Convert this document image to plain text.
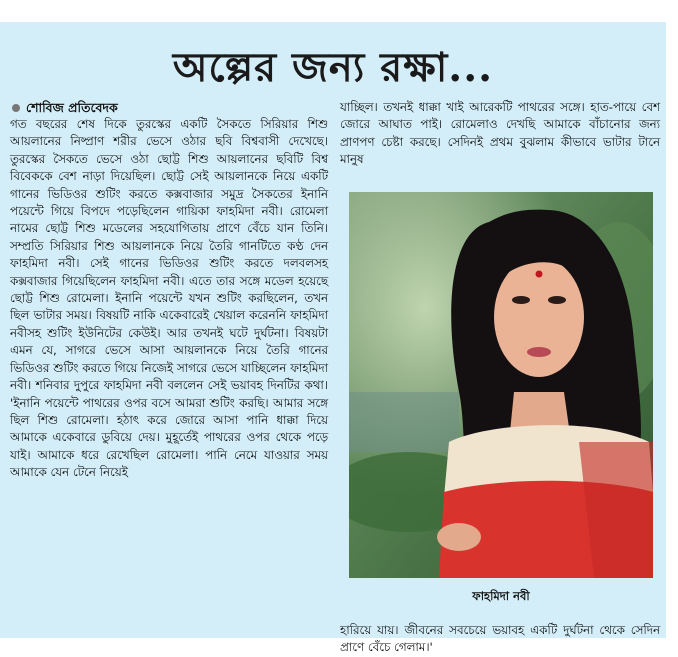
অল্পের জন্য রক্ষা...

শোবিজ প্রতিবেদক

গত বছরের শেষ দিকে তুরস্কের একটি সৈকতে সিরিয়ার শিশু আয়লানের নিষ্প্রাণ শরীর ভেসে ওঠার ছবি বিশ্ববাসী দেখেছে। তুরস্কের সৈকতে ভেসে ওঠা ছোট্ট শিশু আয়লানের ছবিটি বিশ্ব বিবেককে বেশ নাড়া দিয়েছিল। ছোট্ট সেই আয়লানকে নিয়ে একটি গানের ভিডিওর শুটিং করতে কক্সবাজার সমুদ্র সৈকতের ইনানি পয়েন্টে গিয়ে বিপদে পড়েছিলেন গায়িকা ফাহমিদা নবী। রোমেলা নামের ছোট্ট শিশু মডেলের সহযোগিতায় প্রাণে বেঁচে যান তিনি। সম্প্রতি সিরিয়ার শিশু আয়লানকে নিয়ে তৈরি গানটিতে কণ্ঠ দেন ফাহমিদা নবী। সেই গানের ভিডিওর শুটিং করতে দলবলসহ কক্সবাজার গিয়েছিলেন ফাহমিদা নবী। এতে তার সঙ্গে মডেল হয়েছে ছোট্ট শিশু রোমেলা। ইনানি পয়েন্টে যখন শুটিং করছিলেন, তখন ছিল ভাটার সময়। বিষয়টি নাকি একেবারেই খেয়াল করেননি ফাহমিদা নবীসহ শুটিং ইউনিটের কেউই। আর তখনই ঘটে দুর্ঘটনা। বিষয়টা এমন যে, সাগরে ভেসে আসা আয়লানকে নিয়ে তৈরি গানের ভিডিওর শুটিং করতে গিয়ে নিজেই সাগরে ভেসে যাচ্ছিলেন ফাহমিদা নবী। শনিবার দুপুরে ফাহমিদা নবী বললেন সেই ভয়াবহ দিনটির কথা। 'ইনানি পয়েন্টে পাথরের ওপর বসে আমরা শুটিং করছি। আমার সঙ্গে ছিল শিশু রোমেলা। হঠাৎ করে জোরে আসা পানি ধাক্কা দিয়ে আমাকে একেবারে ডুবিয়ে দেয়। মুহূর্তেই পাথরের ওপর থেকে পড়ে যাই। আমাকে ধরে রেখেছিল রোমেলা। পানি নেমে যাওয়ার সময় আমাকে যেন টেনে নিয়েই

যাচ্ছিল। তখনই ধাক্কা খাই আরেকটি পাথরের সঙ্গে। হাত-পায়ে বেশ জোরে আঘাত পাই। রোমেলাও দেখছি আমাকে বাঁচানোর জন্য প্রাণপণ চেষ্টা করছে। সেদিনই প্রথম বুঝলাম কীভাবে ভাটার টানে মানুষ

ফাহমিদা নবী

হারিয়ে যায়। জীবনের সবচেয়ে ভয়াবহ একটি দুর্ঘটনা থেকে সেদিন প্রাণে বেঁচে গেলাম।'
